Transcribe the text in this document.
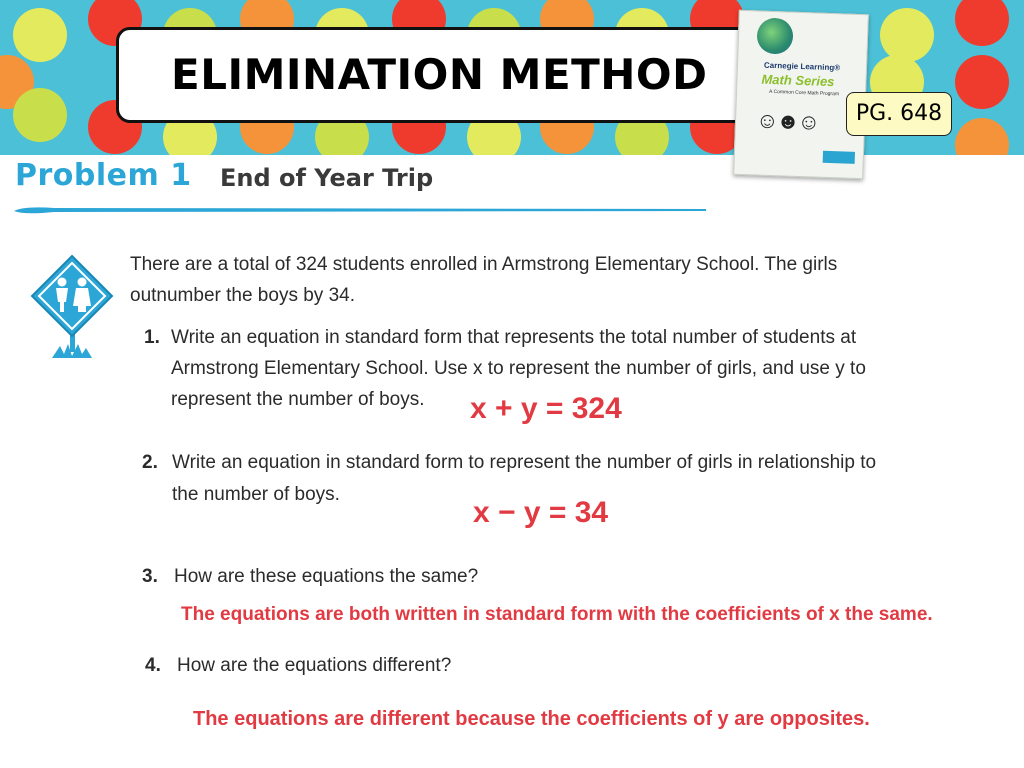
ELIMINATION METHOD	Carnegie Learning®
Math Series
A Common Core Math Program
☺☻☺	PG. 648
Problem 1 End of Year Trip
There are a total of 324 students enrolled in Armstrong Elementary School. The girls
outnumber the boys by 34.
1. Write an equation in standard form that represents the total number of students at
Armstrong Elementary School. Use x to represent the number of girls, and use y to
represent the number of boys. x + y = 324
2. Write an equation in standard form to represent the number of girls in relationship to
the number of boys.
x − y = 34
3. How are these equations the same?
The equations are both written in standard form with the coefficients of x the same.
4. How are the equations different?
The equations are different because the coefficients of y are opposites.
